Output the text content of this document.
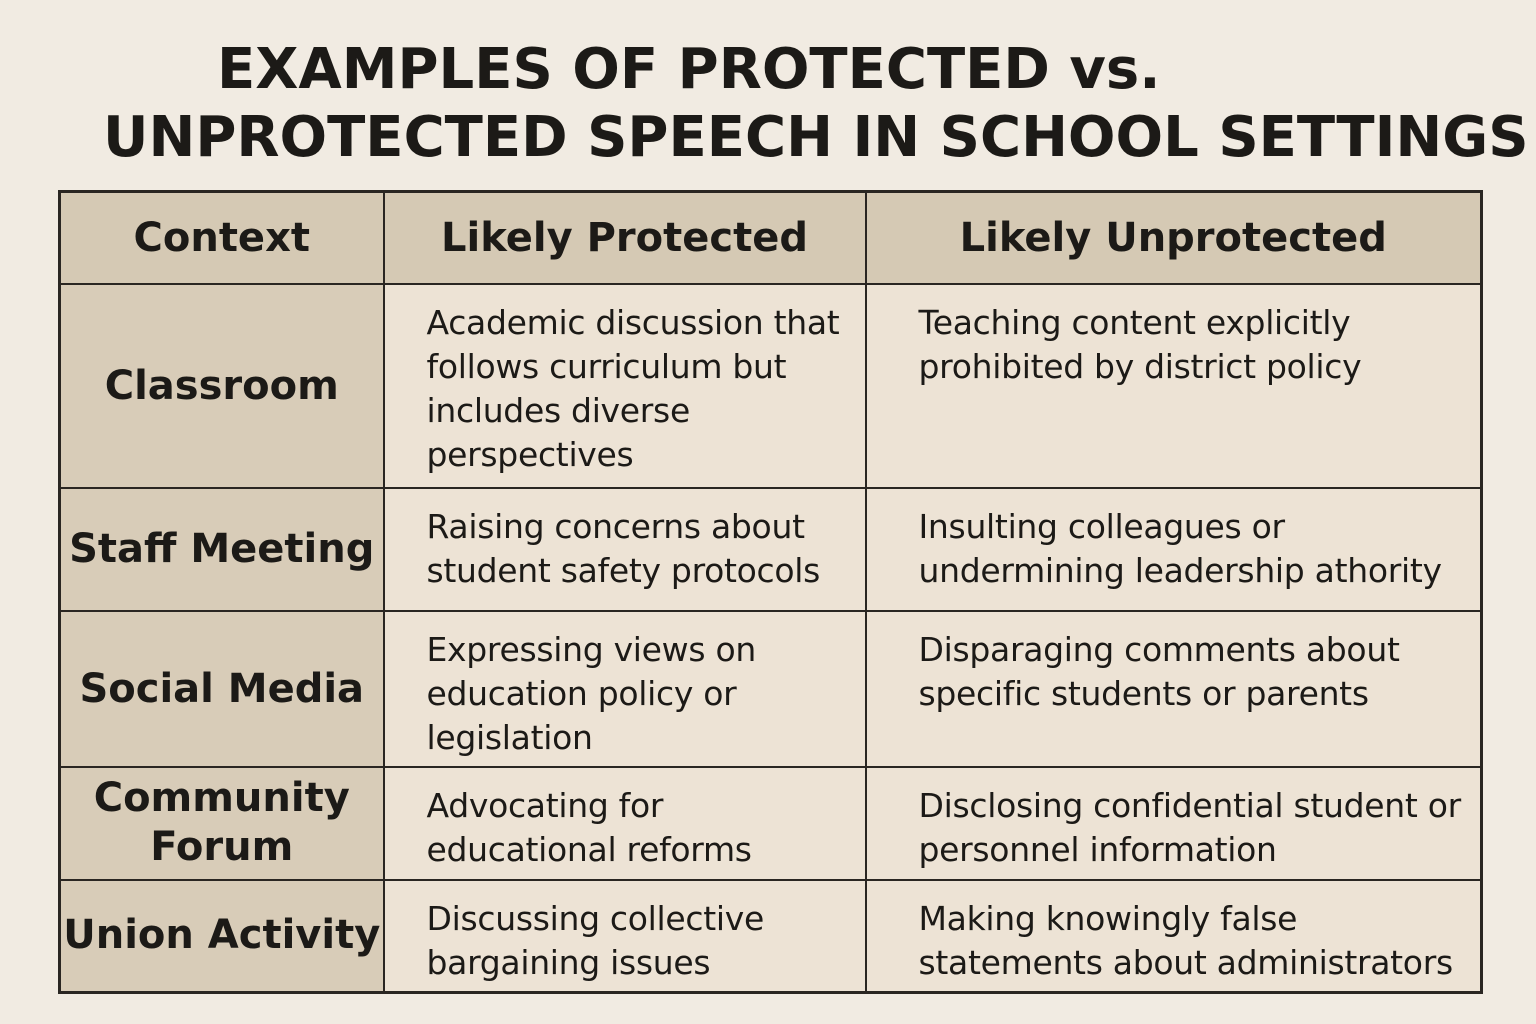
EXAMPLES OF PROTECTED vs.
UNPROTECTED SPEECH IN SCHOOL SETTINGS
Context	Likely Protected	Likely Unprotected
Classroom	Academic discussion that follows curriculum but includes diverse perspectives	Teaching content explicitly prohibited by district policy
Staff Meeting	Raising concerns about student safety protocols	Insulting colleagues or undermining leadership athority
Social Media	Expressing views on education policy or legislation	Disparaging comments about specific students or parents
Community Forum	Advocating for educational reforms	Disclosing confidential student or personnel information
Union Activity	Discussing collective bargaining issues	Making knowingly false statements about administrators
